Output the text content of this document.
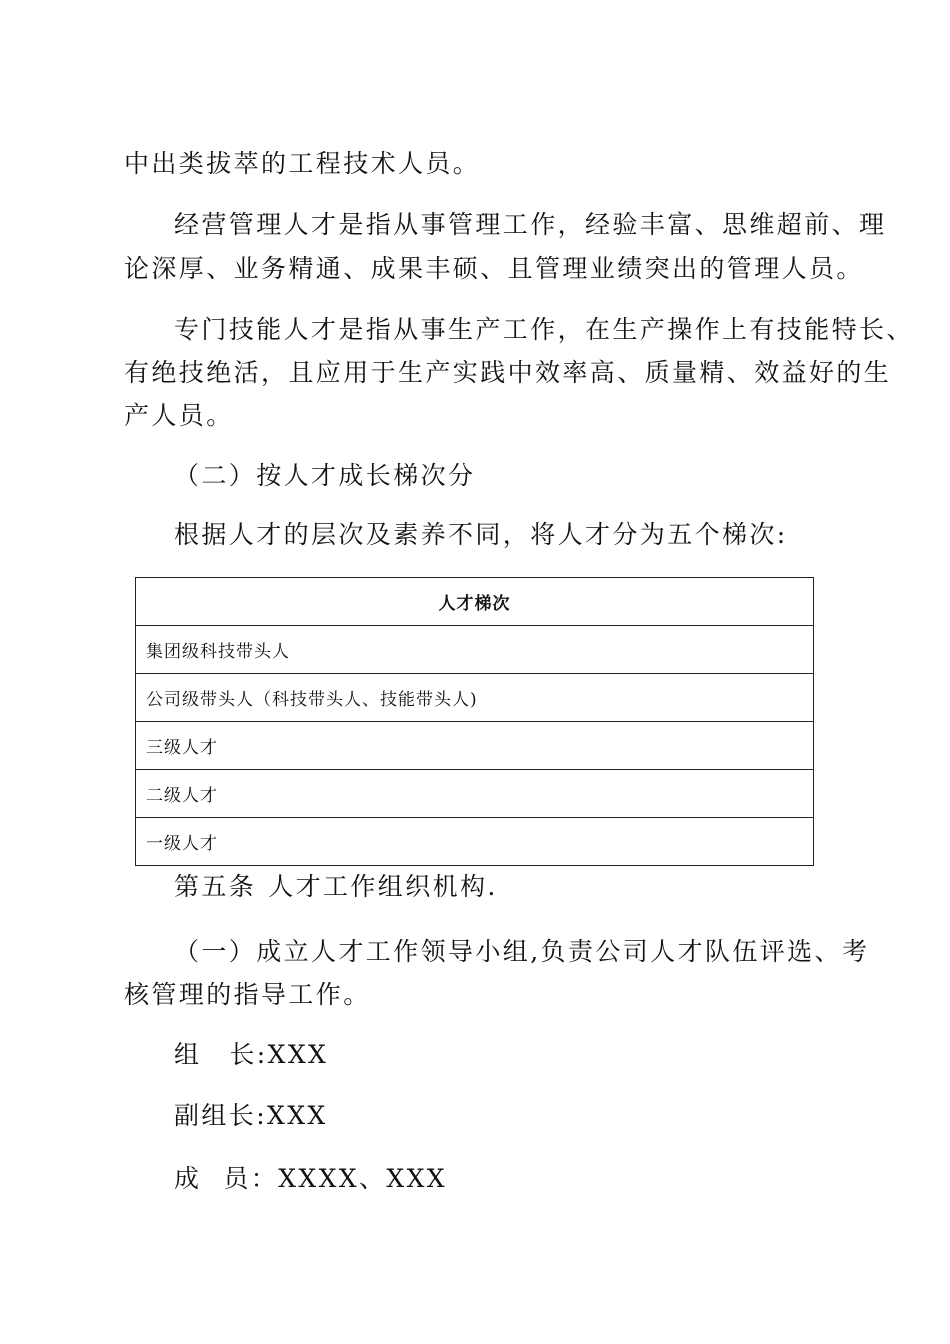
中出类拔萃的工程技术人员。
经营管理人才是指从事管理工作，经验丰富、思维超前、理
论深厚、业务精通、成果丰硕、且管理业绩突出的管理人员。
专门技能人才是指从事生产工作，在生产操作上有技能特长、
有绝技绝活，且应用于生产实践中效率高、质量精、效益好的生
产人员。
（二）按人才成长梯次分
根据人才的层次及素养不同，将人才分为五个梯次:
人才梯次
集团级科技带头人
公司级带头人（科技带头人、技能带头人)
三级人才
二级人才
一级人才
第五条 人才工作组织机构.
（一）成立人才工作领导小组,负责公司人才队伍评选、考
核管理的指导工作。
组 长:XXX
副组长:XXX
成 员：XXXX、XXX
